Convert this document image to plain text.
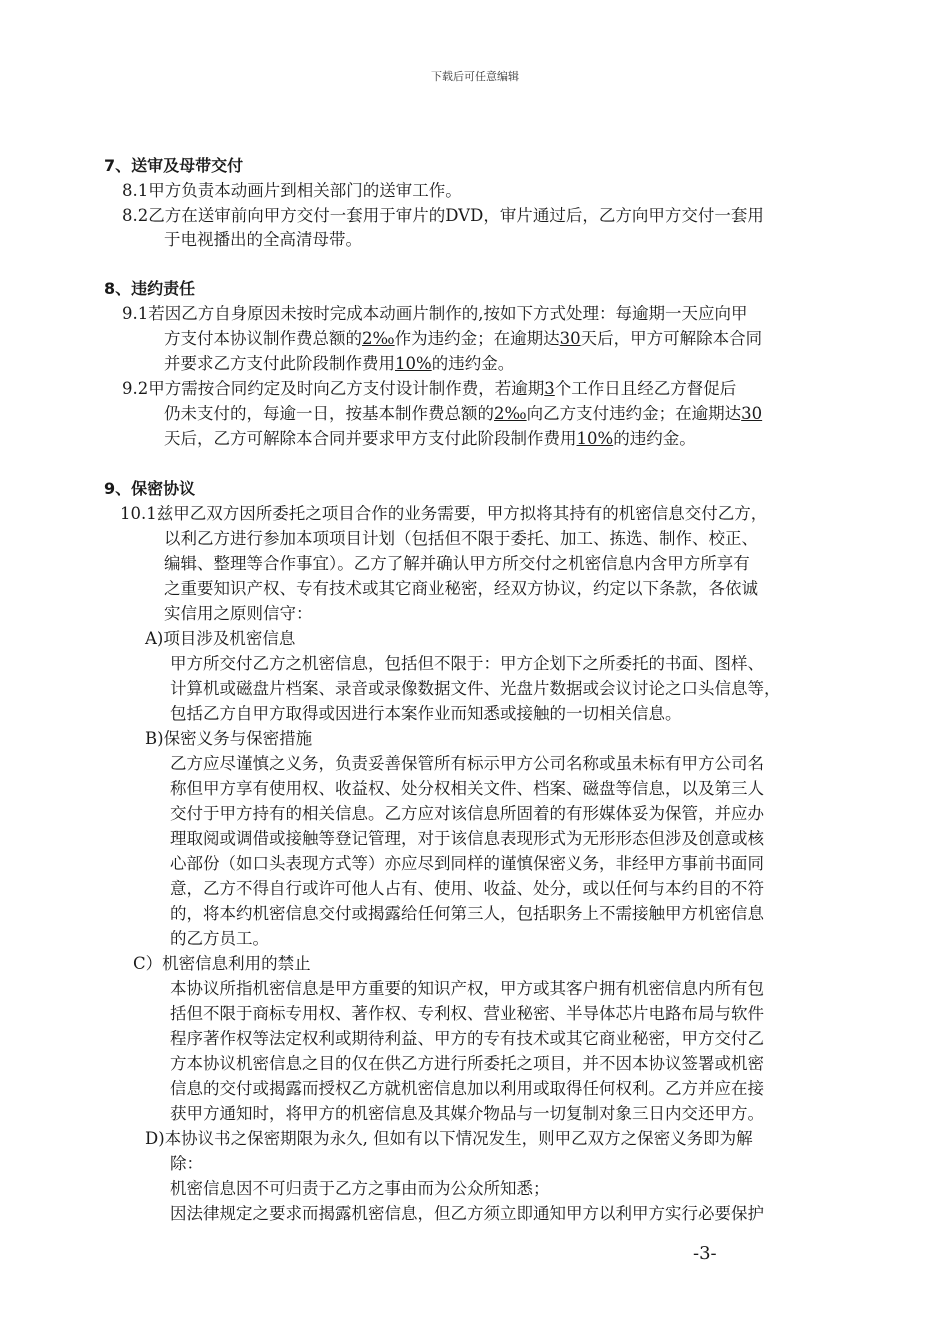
下载后可任意编辑
7、送审及母带交付
8.1甲方负责本动画片到相关部门的送审工作。
8.2乙方在送审前向甲方交付一套用于审片的DVD，审片通过后，乙方向甲方交付一套用
于电视播出的全高清母带。
8、违约责任
9.1若因乙方自身原因未按时完成本动画片制作的,按如下方式处理：每逾期一天应向甲
方支付本协议制作费总额的2‰作为违约金；在逾期达30天后，甲方可解除本合同
并要求乙方支付此阶段制作费用10%的违约金。
9.2甲方需按合同约定及时向乙方支付设计制作费，若逾期3个工作日且经乙方督促后
仍未支付的，每逾一日，按基本制作费总额的2‰向乙方支付违约金；在逾期达30
天后，乙方可解除本合同并要求甲方支付此阶段制作费用10%的违约金。
9、保密协议
10.1兹甲乙双方因所委托之项目合作的业务需要，甲方拟将其持有的机密信息交付乙方，
以利乙方进行参加本项项目计划（包括但不限于委托、加工、拣选、制作、校正、
编辑、整理等合作事宜）。乙方了解并确认甲方所交付之机密信息内含甲方所享有
之重要知识产权、专有技术或其它商业秘密，经双方协议，约定以下条款，各依诚
实信用之原则信守：
A)项目涉及机密信息
甲方所交付乙方之机密信息，包括但不限于：甲方企划下之所委托的书面、图样、
计算机或磁盘片档案、录音或录像数据文件、光盘片数据或会议讨论之口头信息等，
包括乙方自甲方取得或因进行本案作业而知悉或接触的一切相关信息。
B)保密义务与保密措施
乙方应尽谨慎之义务，负责妥善保管所有标示甲方公司名称或虽未标有甲方公司名
称但甲方享有使用权、收益权、处分权相关文件、档案、磁盘等信息，以及第三人
交付于甲方持有的相关信息。乙方应对该信息所固着的有形媒体妥为保管，并应办
理取阅或调借或接触等登记管理，对于该信息表现形式为无形形态但涉及创意或核
心部份（如口头表现方式等）亦应尽到同样的谨慎保密义务，非经甲方事前书面同
意，乙方不得自行或许可他人占有、使用、收益、处分，或以任何与本约目的不符
的，将本约机密信息交付或揭露给任何第三人，包括职务上不需接触甲方机密信息
的乙方员工。
C）机密信息利用的禁止
本协议所指机密信息是甲方重要的知识产权，甲方或其客户拥有机密信息内所有包
括但不限于商标专用权、著作权、专利权、营业秘密、半导体芯片电路布局与软件
程序著作权等法定权利或期待利益、甲方的专有技术或其它商业秘密，甲方交付乙
方本协议机密信息之目的仅在供乙方进行所委托之项目，并不因本协议签署或机密
信息的交付或揭露而授权乙方就机密信息加以利用或取得任何权利。乙方并应在接
获甲方通知时，将甲方的机密信息及其媒介物品与一切复制对象三日内交还甲方。
D)本协议书之保密期限为永久, 但如有以下情况发生，则甲乙双方之保密义务即为解
除：
机密信息因不可归责于乙方之事由而为公众所知悉；
因法律规定之要求而揭露机密信息，但乙方须立即通知甲方以利甲方实行必要保护
-3-
